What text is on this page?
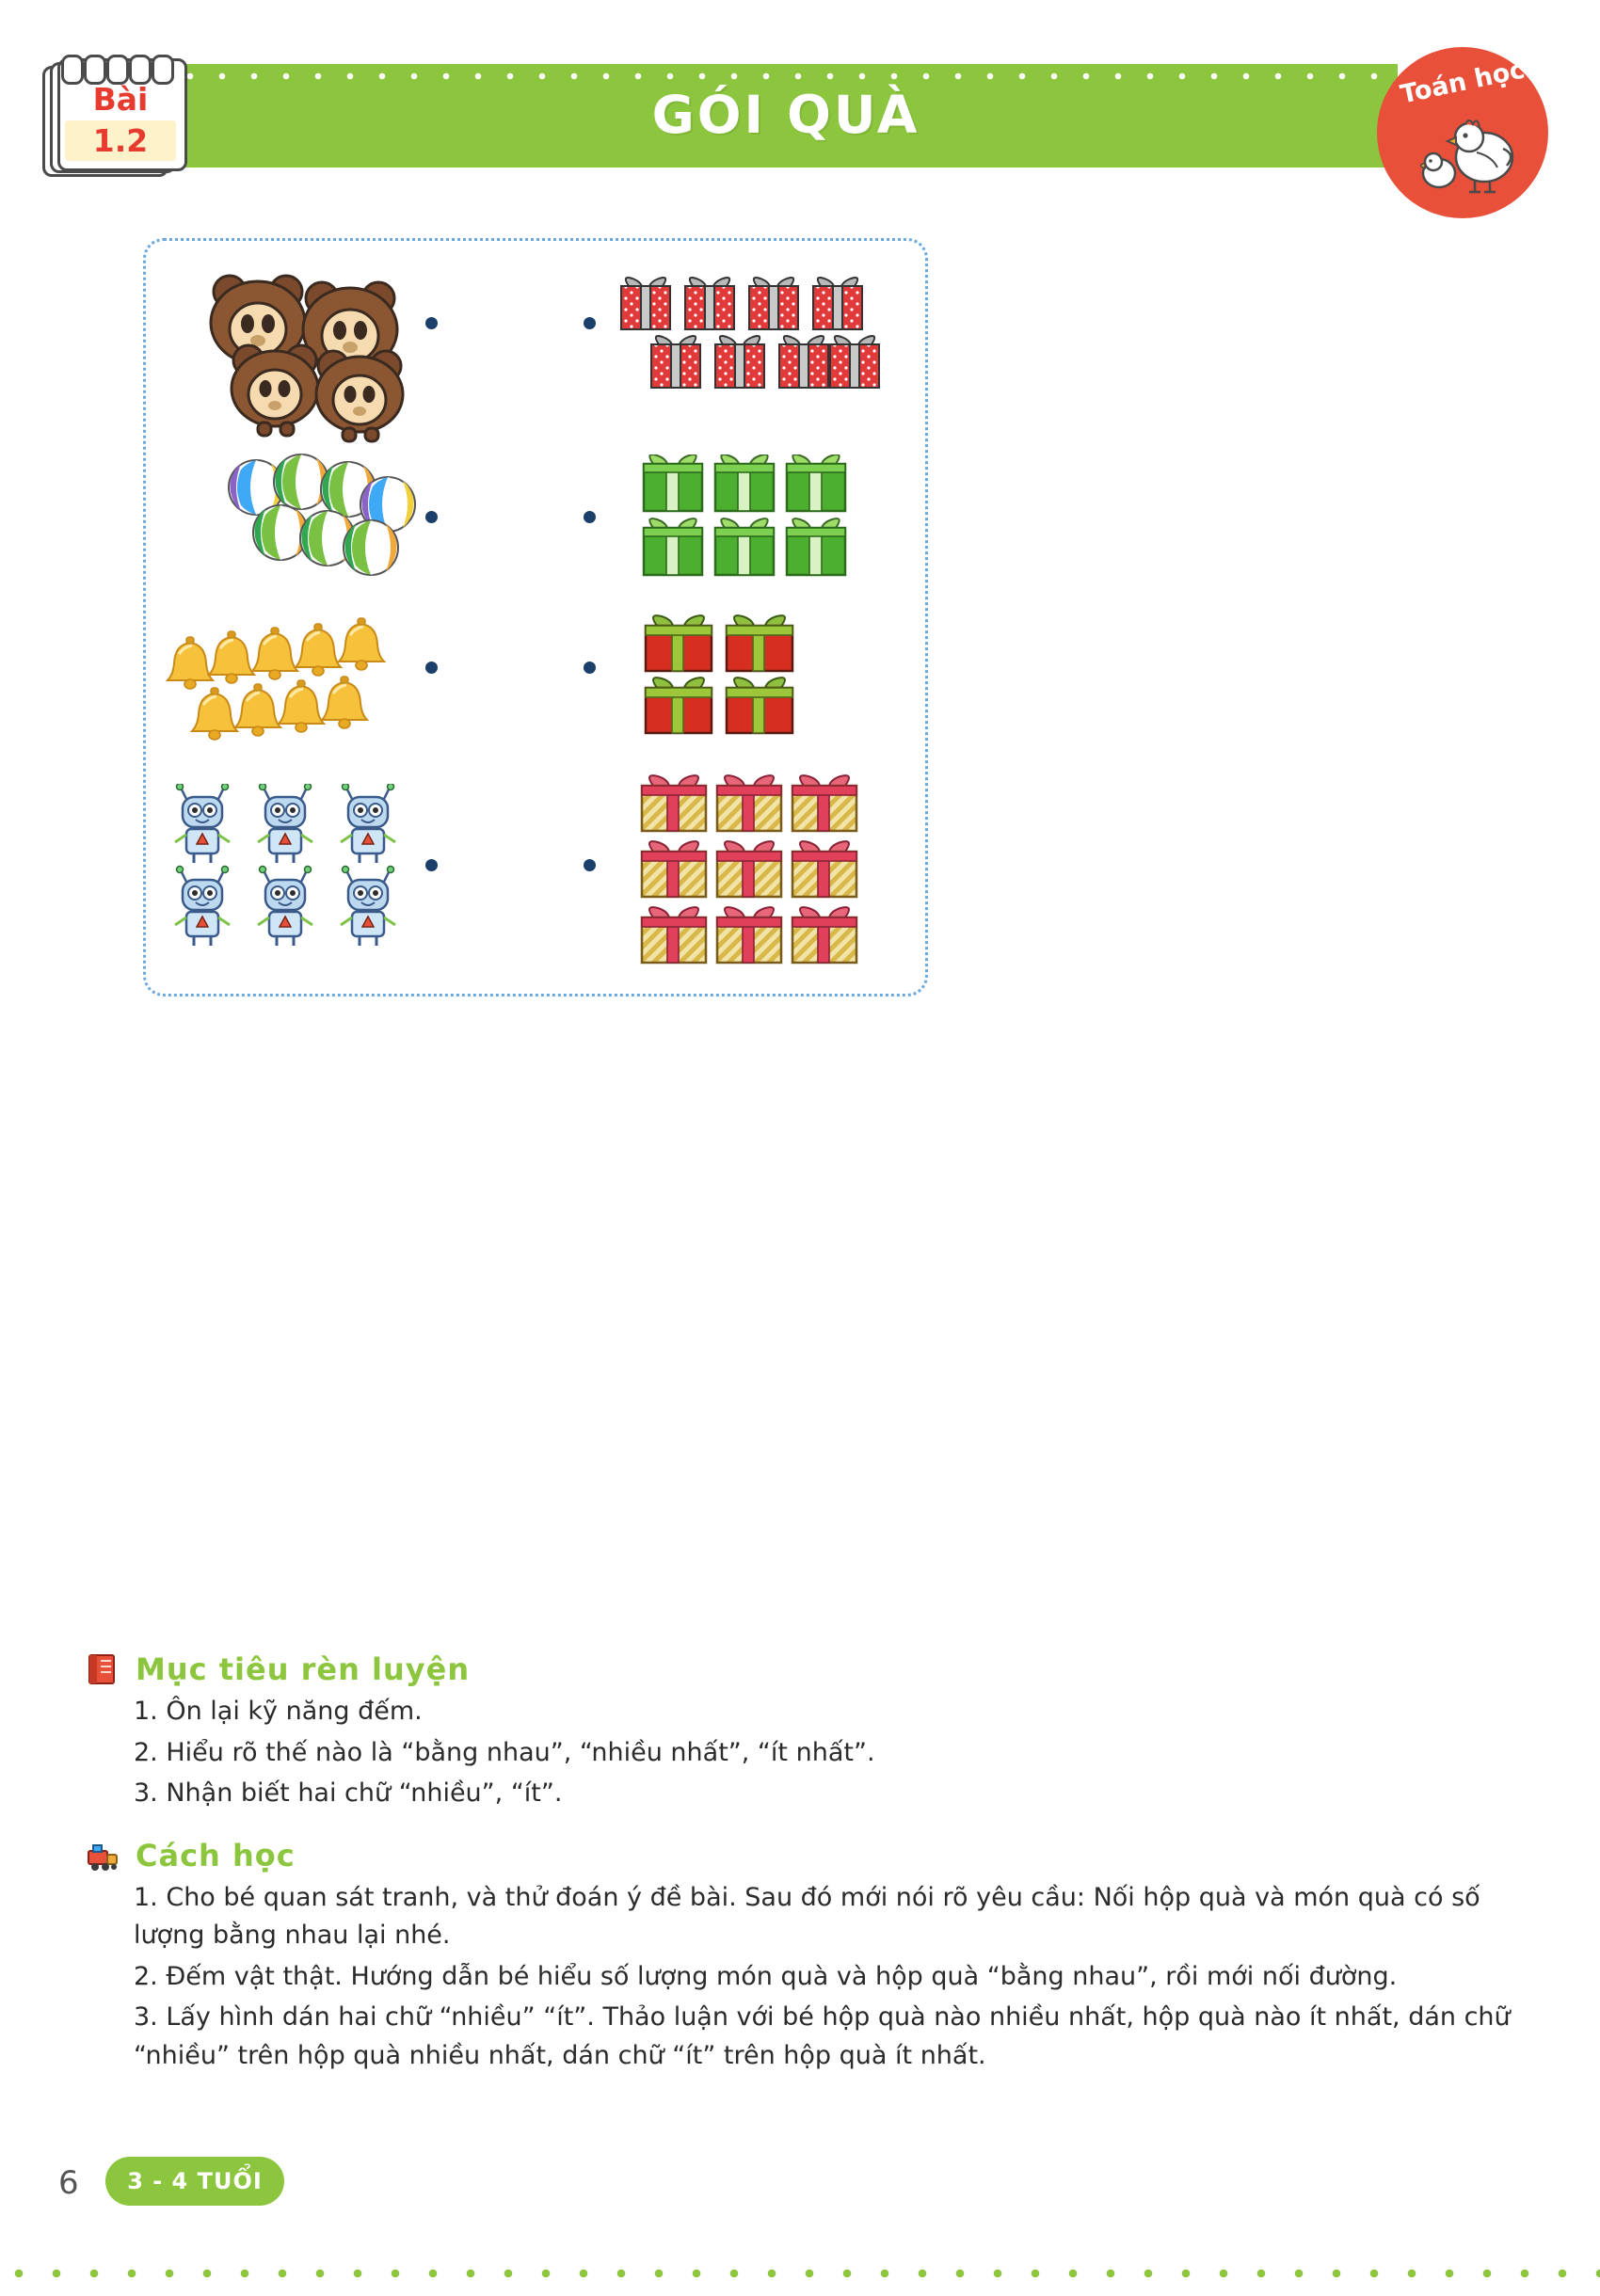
GÓI QUÀ
Bài
1.2
Toán học
Mục tiêu rèn luyện
1. Ôn lại kỹ năng đếm.
2. Hiểu rõ thế nào là “bằng nhau”, “nhiều nhất”, “ít nhất”.
3. Nhận biết hai chữ “nhiều”, “ít”.
Cách học
1. Cho bé quan sát tranh, và thử đoán ý đề bài. Sau đó mới nói rõ yêu cầu: Nối hộp quà và món quà có số lượng bằng nhau lại nhé.
2. Đếm vật thật. Hướng dẫn bé hiểu số lượng món quà và hộp quà “bằng nhau”, rồi mới nối đường.
3. Lấy hình dán hai chữ “nhiều” “ít”. Thảo luận với bé hộp quà nào nhiều nhất, hộp quà nào ít nhất, dán chữ “nhiều” trên hộp quà nhiều nhất, dán chữ “ít” trên hộp quà ít nhất.
6	3 - 4 TUỔI
